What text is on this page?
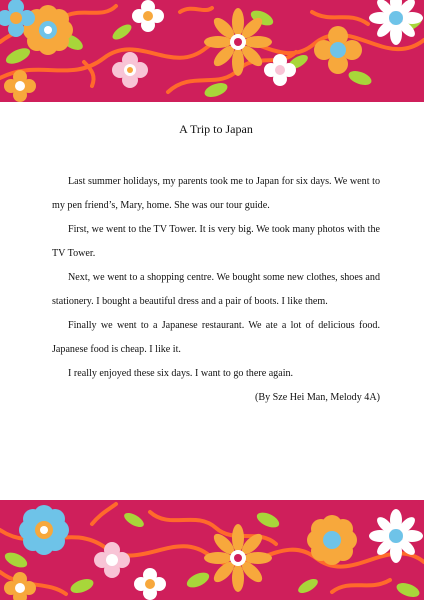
A Trip to Japan

Last summer holidays, my parents took me to Japan for six days. We went to my pen friend’s, Mary, home. She was our tour guide.

First, we went to the TV Tower. It is very big. We took many photos with the TV Tower.

Next, we went to a shopping centre. We bought some new clothes, shoes and stationery. I bought a beautiful dress and a pair of boots. I like them.

Finally we went to a Japanese restaurant. We ate a lot of delicious food. Japanese food is cheap. I like it.

I really enjoyed these six days. I want to go there again.

(By Sze Hei Man, Melody 4A)
